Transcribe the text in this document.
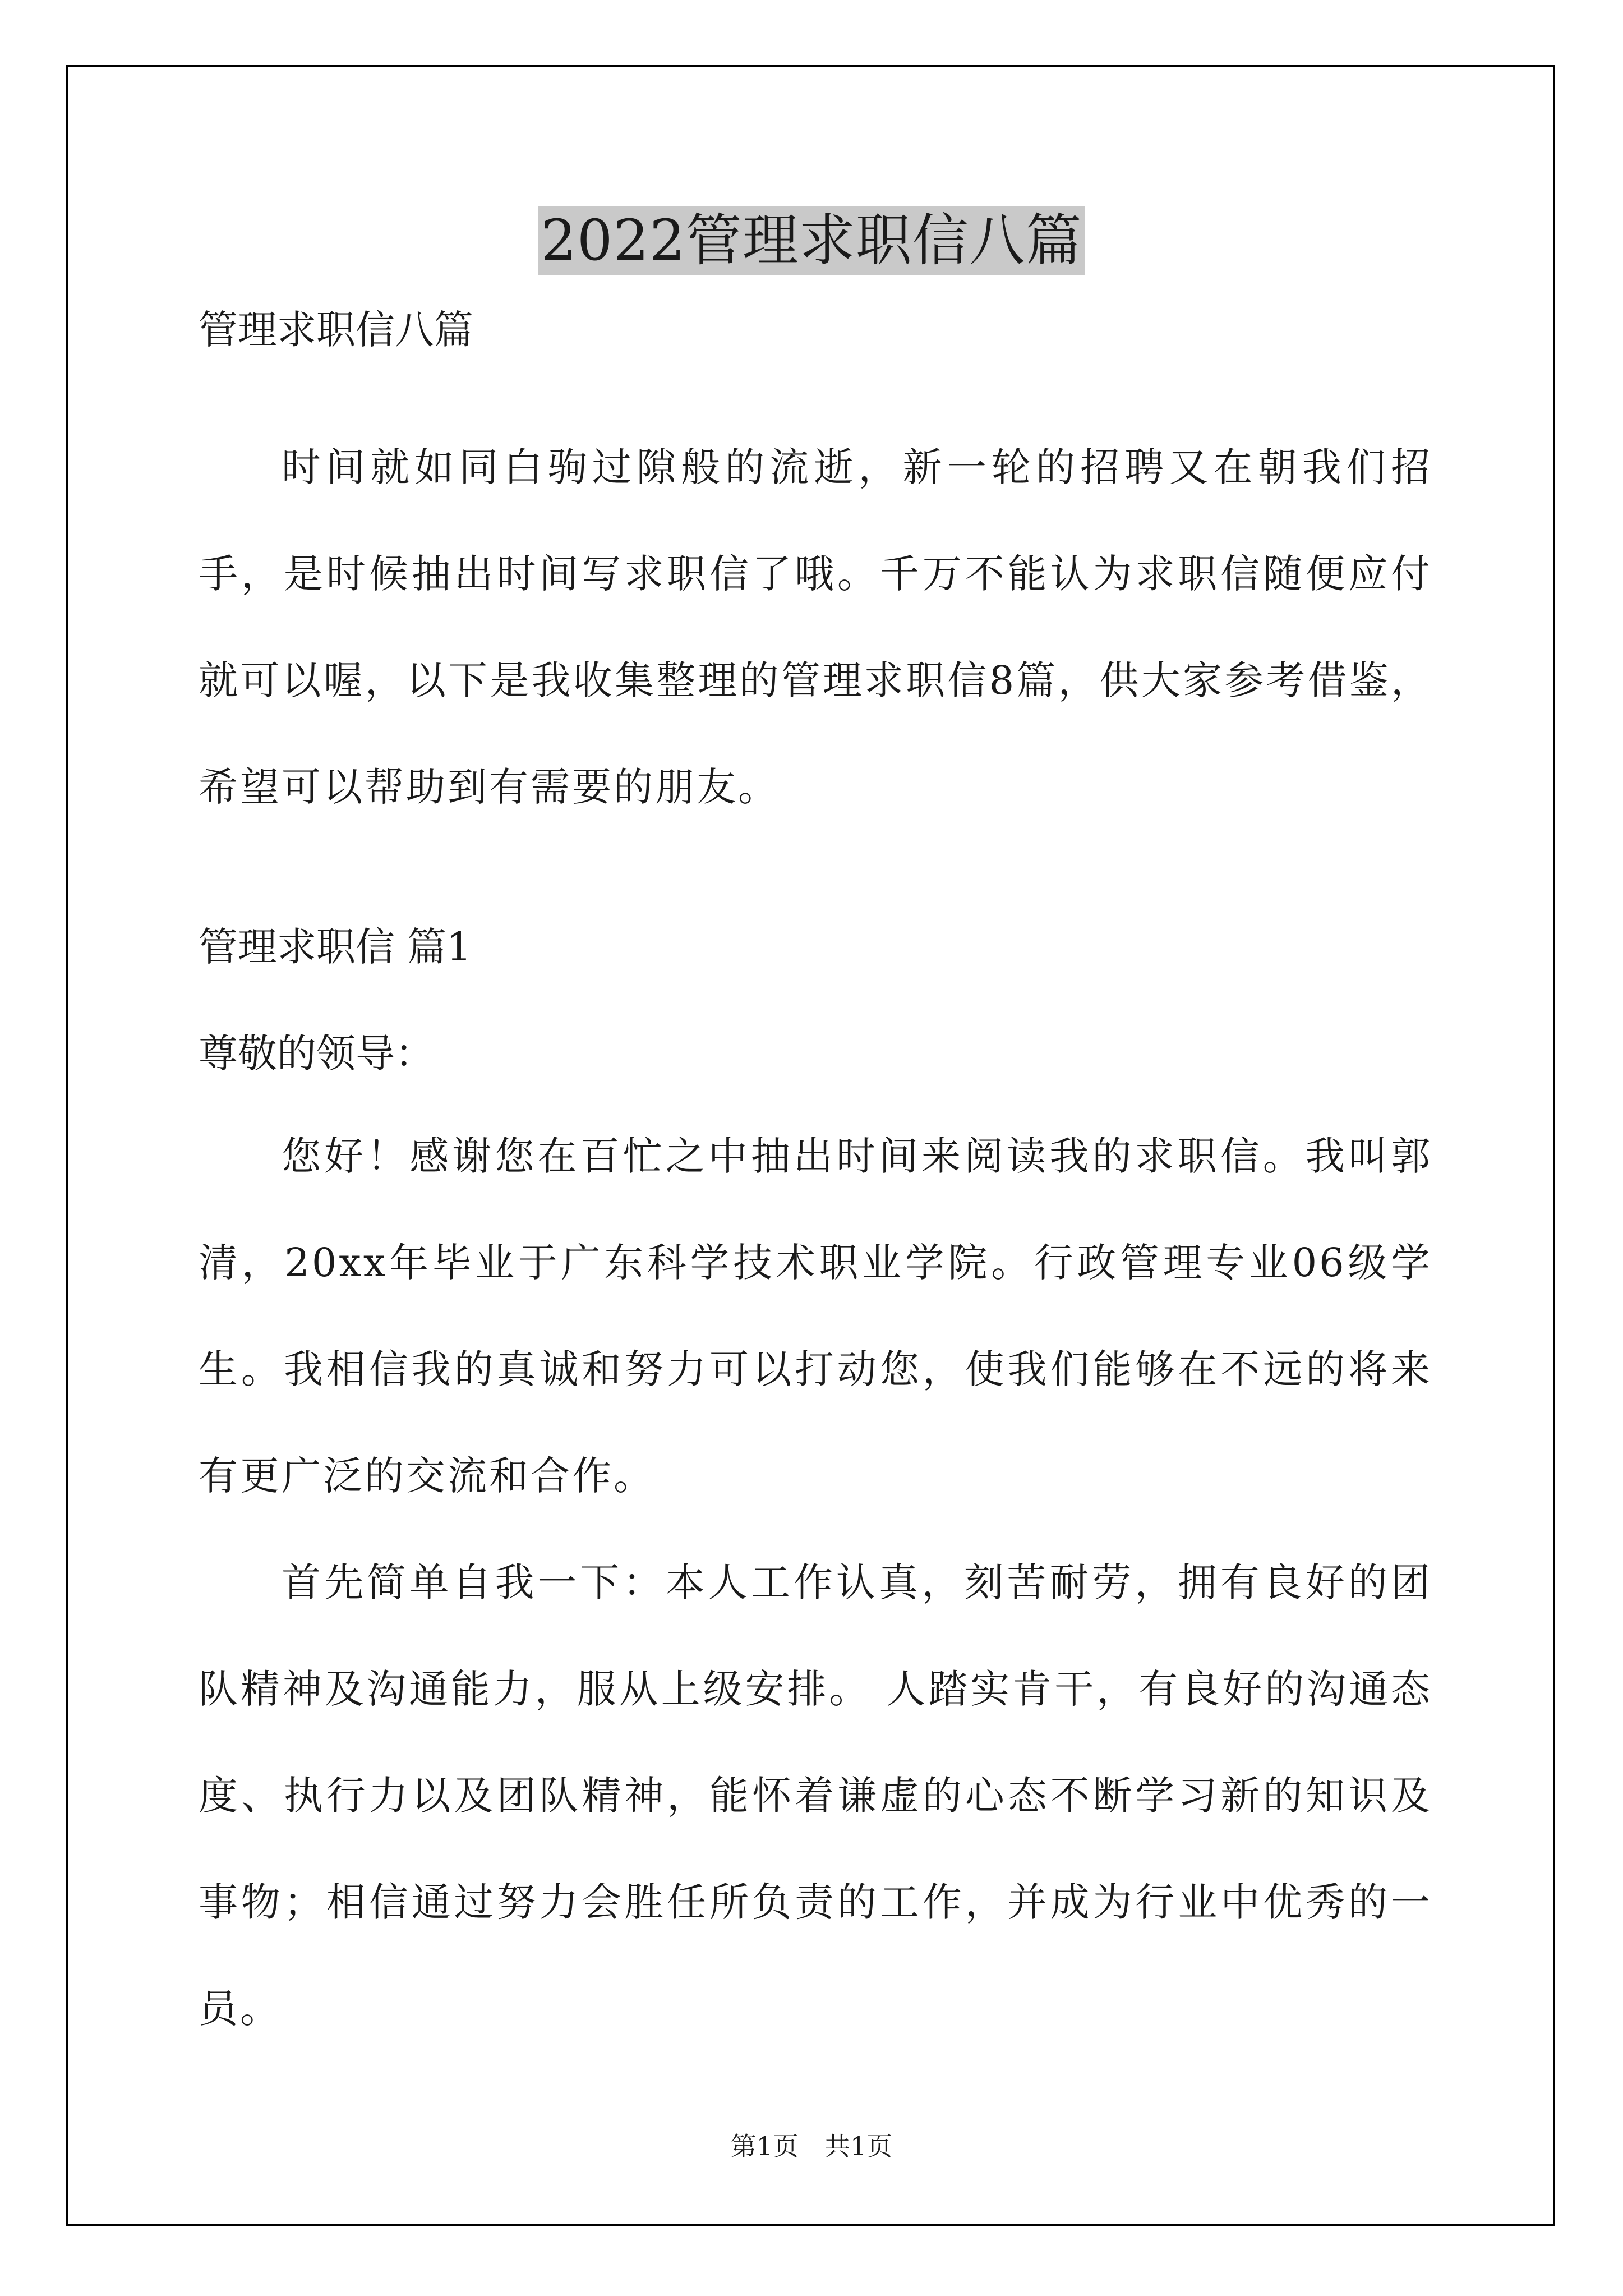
2022管理求职信八篇

管理求职信八篇

时间就如同白驹过隙般的流逝，新一轮的招聘又在朝我们招手，是时候抽出时间写求职信了哦。千万不能认为求职信随便应付就可以喔，以下是我收集整理的管理求职信8篇，供大家参考借鉴，希望可以帮助到有需要的朋友。

管理求职信 篇1

尊敬的领导：

您好！感谢您在百忙之中抽出时间来阅读我的求职信。我叫郭清，20xx年毕业于广东科学技术职业学院。行政管理专业06级学生。我相信我的真诚和努力可以打动您，使我们能够在不远的将来有更广泛的交流和合作。

首先简单自我一下：本人工作认真，刻苦耐劳，拥有良好的团队精神及沟通能力，服从上级安排。 人踏实肯干，有良好的沟通态度、执行力以及团队精神，能怀着谦虚的心态不断学习新的知识及事物；相信通过努力会胜任所负责的工作，并成为行业中优秀的一员。

第1页　共1页
